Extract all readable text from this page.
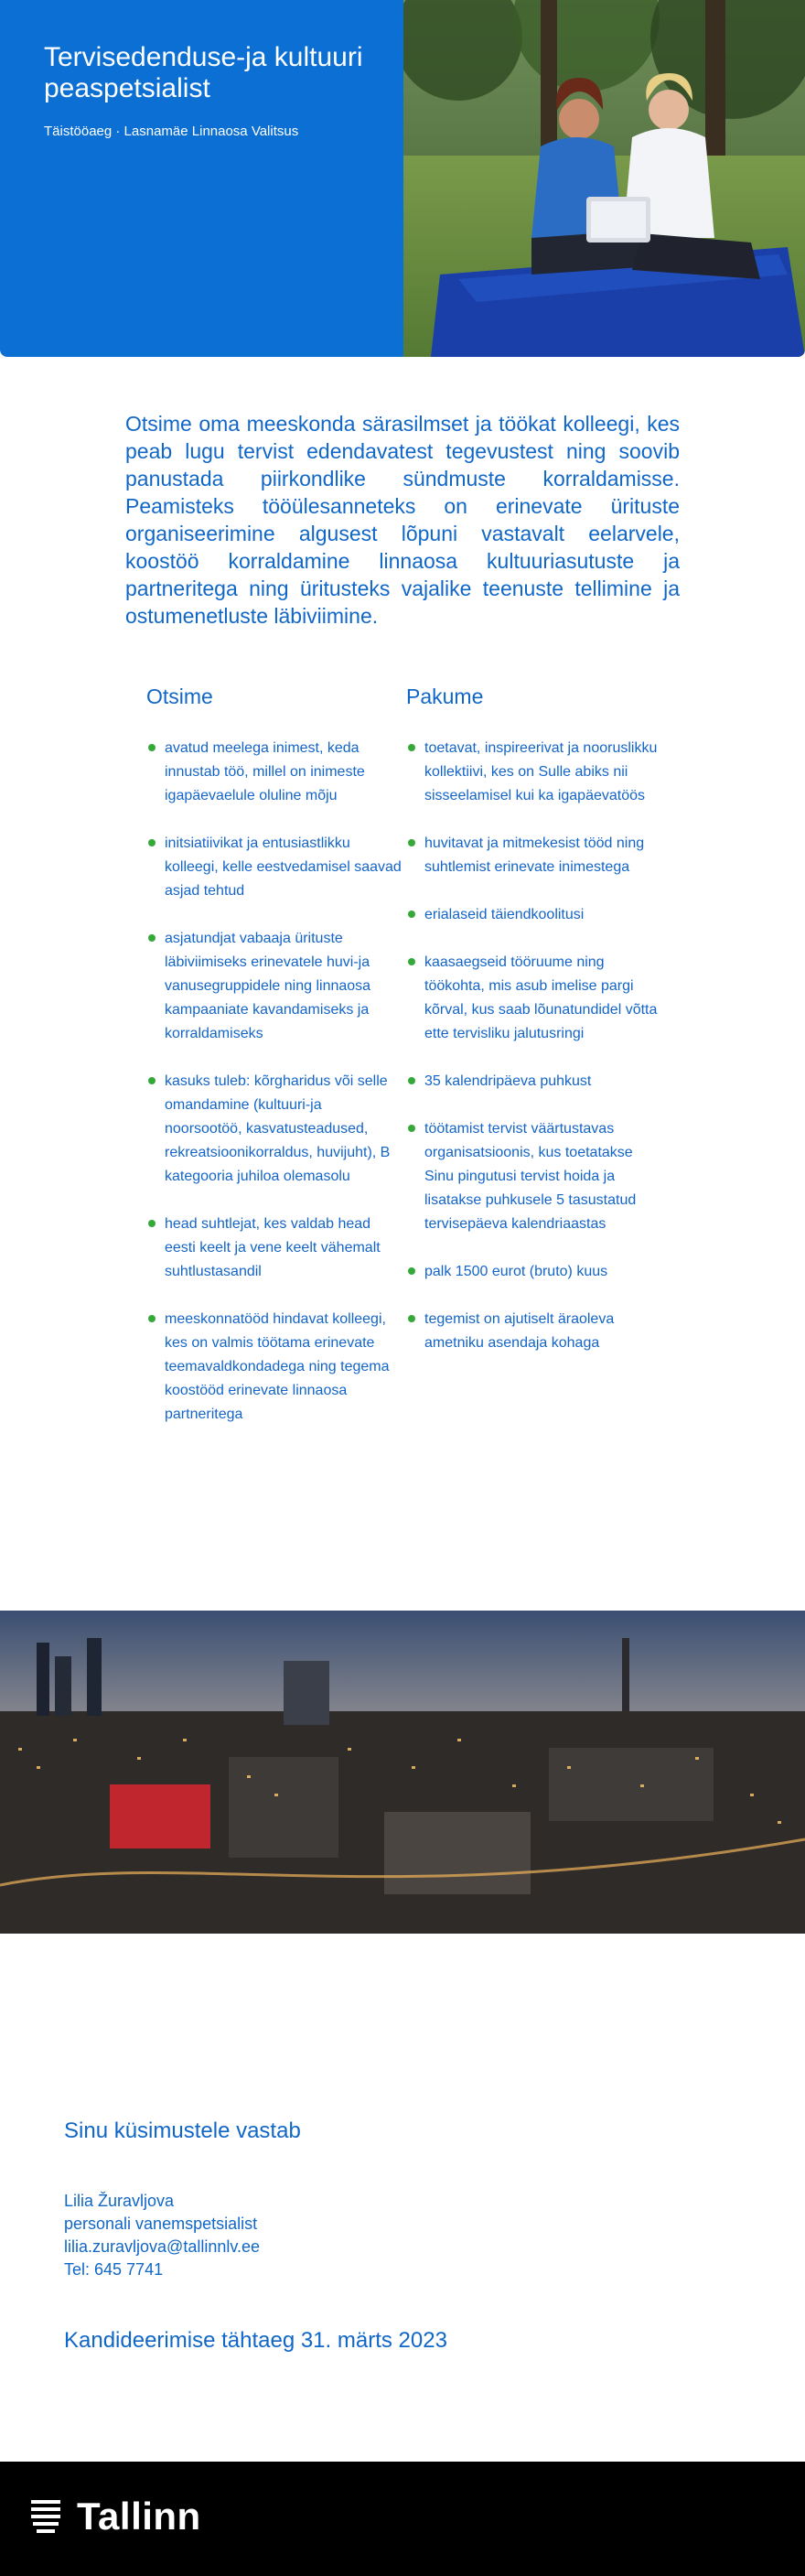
Tervisedenduse-ja kultuuri peaspetsialist
Täistööaeg · Lasnamäe Linnaosa Valitsus
Otsime oma meeskonda särasilmset ja töökat kolleegi, kes peab lugu tervist edendavatest tegevustest ning soovib panustada piirkondlike sündmuste korraldamisse. Peamisteks tööülesanneteks on erinevate ürituste organiseerimine algusest lõpuni vastavalt eelarvele, koostöö korraldamine linnaosa kultuuriasutuste ja partneritega ning üritusteks vajalike teenuste tellimine ja ostumenetluste läbiviimine.
Otsime
avatud meelega inimest, keda innustab töö, millel on inimeste igapäevaelule oluline mõju
initsiatiivikat ja entusiastlikku kolleegi, kelle eestvedamisel saavad asjad tehtud
asjatundjat vabaaja ürituste läbiviimiseks erinevatele huvi-ja vanusegruppidele ning linnaosa kampaaniate kavandamiseks ja korraldamiseks
kasuks tuleb: kõrgharidus või selle omandamine (kultuuri-ja noorsootöö, kasvatusteadused, rekreatsioonikorraldus, huvijuht), B kategooria juhiloa olemasolu
head suhtlejat, kes valdab head eesti keelt ja vene keelt vähemalt suhtlustasandil
meeskonnatööd hindavat kolleegi, kes on valmis töötama erinevate teemavaldkondadega ning tegema koostööd erinevate linnaosa partneritega
Pakume
toetavat, inspireerivat ja nooruslikku kollektiivi, kes on Sulle abiks nii sisseelamisel kui ka igapäevatöös
huvitavat ja mitmekesist tööd ning suhtlemist erinevate inimestega
erialaseid täiendkoolitusi
kaasaegseid tööruume ning töökohta, mis asub imelise pargi kõrval, kus saab lõunatundidel võtta ette tervisliku jalutusringi
35 kalendripäeva puhkust
töötamist tervist väärtustavas organisatsioonis, kus toetatakse Sinu pingutusi tervist hoida ja lisatakse puhkusele 5 tasustatud tervisepäeva kalendriaastas
palk 1500 eurot (bruto) kuus
tegemist on ajutiselt äraoleva ametniku asendaja kohaga
Sinu küsimustele vastab
Lilia Žuravljova
personali vanemspetsialist
lilia.zuravljova@tallinnlv.ee
Tel: 645 7741
Kandideerimise tähtaeg 31. märts 2023
Tallinn
